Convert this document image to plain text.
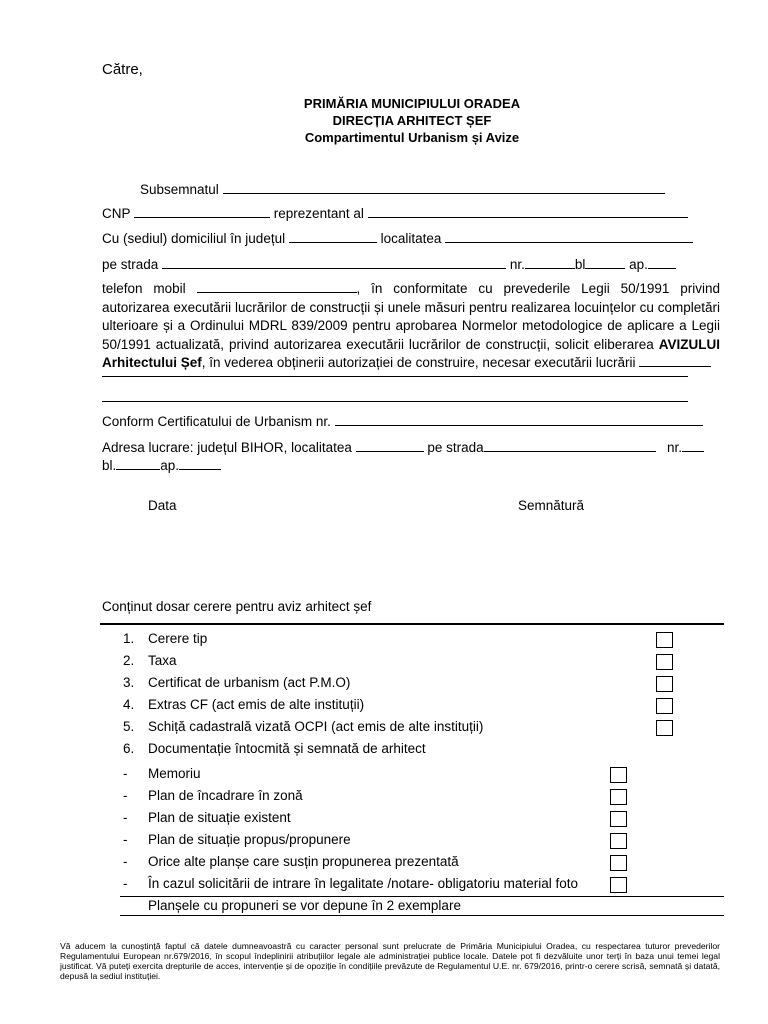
Către,
PRIMĂRIA MUNICIPIULUI ORADEA
DIRECȚIA ARHITECT ȘEF
Compartimentul Urbanism și Avize
Subsemnatul
CNP	reprezentant al
Cu (sediul) domiciliul în județul	localitatea
pe strada	nr.	bl	ap.
telefon mobil	, în conformitate cu prevederile Legii 50/1991 privind autorizarea executării lucrărilor de construcții și unele măsuri pentru realizarea locuințelor cu completări ulterioare și a Ordinului MDRL 839/2009 pentru aprobarea Normelor metodologice de aplicare a Legii 50/1991 actualizată, privind autorizarea executării lucrărilor de construcții, solicit eliberarea AVIZULUI Arhitectului Șef, în vederea obținerii autorizației de construire, necesar executării lucrării
Conform Certificatului de Urbanism nr.
Adresa lucrare: județul BIHOR, localitatea	pe strada	nr.
bl.	ap.
Data	Semnătură
Conținut dosar cerere pentru aviz arhitect șef
1. Cerere tip
2. Taxa
3. Certificat de urbanism (act P.M.O)
4. Extras CF (act emis de alte instituții)
5. Schiță cadastrală vizată OCPI (act emis de alte instituții)
6. Documentație întocmită și semnată de arhitect
- Memoriu
- Plan de încadrare în zonă
- Plan de situație existent
- Plan de situație propus/propunere
- Orice alte planșe care susțin propunerea prezentată
- În cazul solicitării de intrare în legalitate /notare- obligatoriu material foto
Planșele cu propuneri se vor depune în 2 exemplare
Vă aducem la cunoștință faptul că datele dumneavoastră cu caracter personal sunt prelucrate de Primăria Municipiului Oradea, cu respectarea tuturor prevederilor Regulamentului European nr.679/2016, în scopul îndeplinirii atribuțiilor legale ale administrației publice locale. Datele pot fi dezvăluite unor terți în baza unui temei legal justificat. Vă puteți exercita drepturile de acces, intervenție și de opoziție în condițiile prevăzute de Regulamentul U.E. nr. 679/2016, printr-o cerere scrisă, semnată și datată, depusă la sediul instituției.
